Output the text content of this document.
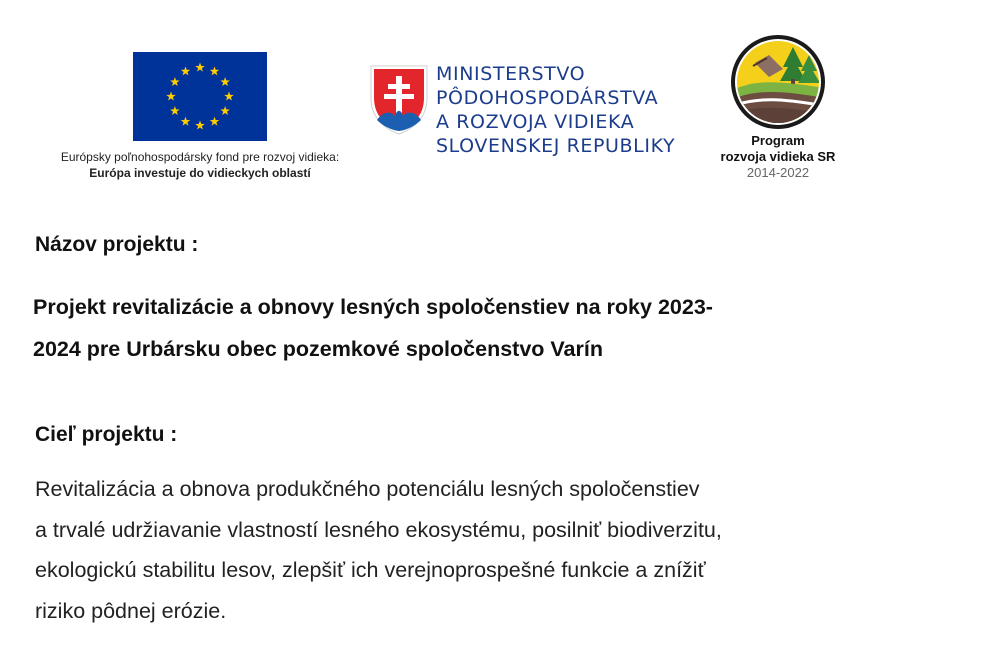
Európsky poľnohospodársky fond pre rozvoj vidieka:
Európa investuje do vidieckych oblastí
MINISTERSTVO
PÔDOHOSPODÁRSTVA
A ROZVOJA VIDIEKA
SLOVENSKEJ REPUBLIKY	Program
rozvoja vidieka SR
2014-2022
Názov projektu :
Projekt revitalizácie a obnovy lesných spoločenstiev na roky 2023-
2024 pre Urbársku obec pozemkové spoločenstvo Varín
Cieľ projektu :
Revitalizácia a obnova produkčného potenciálu lesných spoločenstiev
a trvalé udržiavanie vlastností lesného ekosystému, posilniť biodiverzitu,
ekologickú stabilitu lesov, zlepšiť ich verejnoprospešné funkcie a znížiť
riziko pôdnej erózie.
